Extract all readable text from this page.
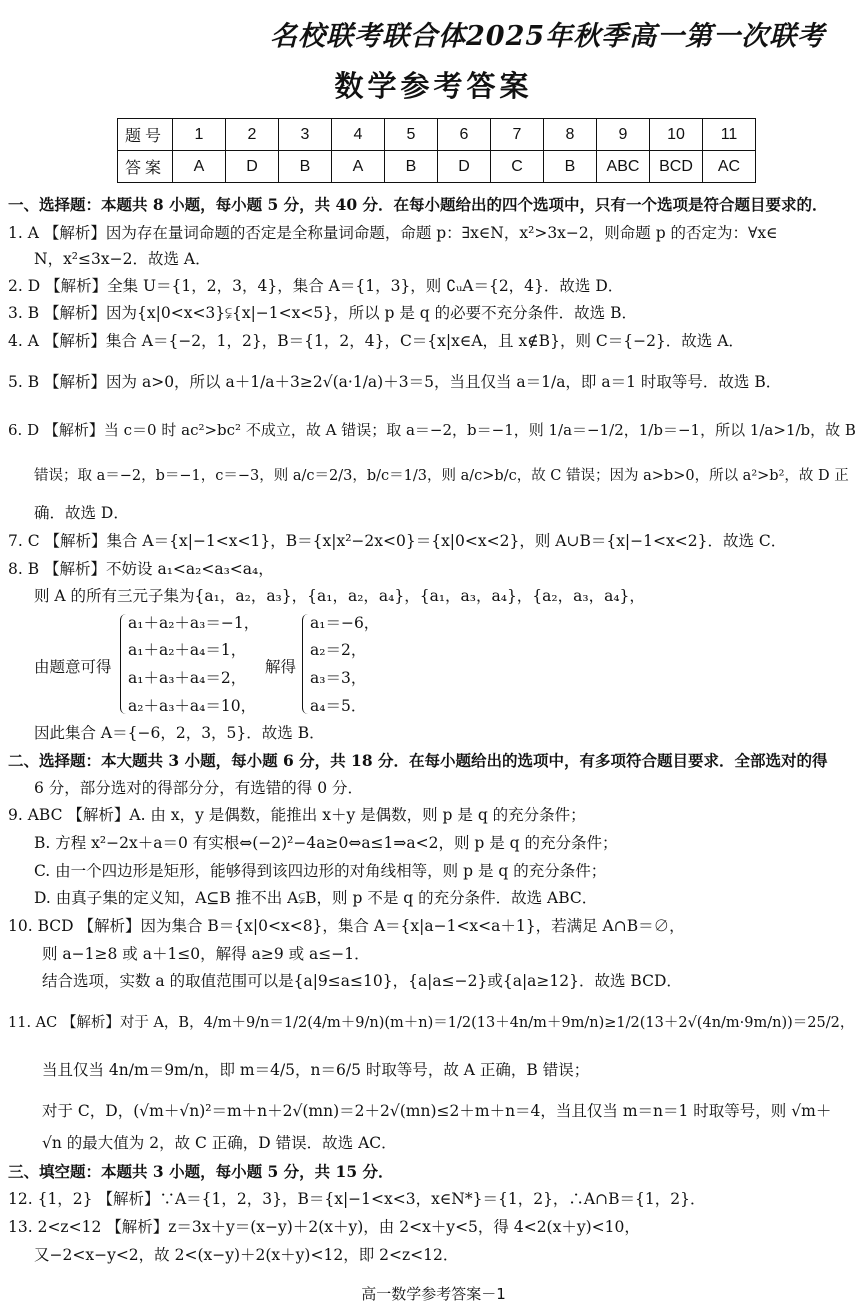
名校联考联合体2025年秋季高一第一次联考
数学参考答案
题号	1	2	3	4	5	6	7	8	9	10	11
答案	A	D	B	A	B	D	C	B	ABC	BCD	AC
一、选择题：本题共 8 小题，每小题 5 分，共 40 分．在每小题给出的四个选项中，只有一个选项是符合题目要求的．
1. A 【解析】因为存在量词命题的否定是全称量词命题，命题 p：∃x∈N，x²>3x−2，则命题 p 的否定为：∀x∈
N，x²≤3x−2．故选 A．
2. D 【解析】全集 U＝{1，2，3，4}，集合 A＝{1，3}，则 ∁ᵤA＝{2，4}．故选 D．
3. B 【解析】因为{x|0<x<3}⫋{x|−1<x<5}，所以 p 是 q 的必要不充分条件．故选 B．
4. A 【解析】集合 A＝{−2，1，2}，B＝{1，2，4}，C＝{x|x∈A，且 x∉B}，则 C＝{−2}．故选 A．
5. B 【解析】因为 a>0，所以 a＋1/a＋3≥2√(a·1/a)＋3＝5，当且仅当 a＝1/a，即 a＝1 时取等号．故选 B．
6. D 【解析】当 c＝0 时 ac²>bc² 不成立，故 A 错误；取 a＝−2，b＝−1，则 1/a＝−1/2，1/b＝−1，所以 1/a>1/b，故 B
错误；取 a＝−2，b＝−1，c＝−3，则 a/c＝2/3，b/c＝1/3，则 a/c>b/c，故 C 错误；因为 a>b>0，所以 a²>b²，故 D 正
确．故选 D．
7. C 【解析】集合 A＝{x|−1<x<1}，B＝{x|x²−2x<0}＝{x|0<x<2}，则 A∪B＝{x|−1<x<2}．故选 C．
8. B 【解析】不妨设 a₁<a₂<a₃<a₄，
则 A 的所有三元子集为{a₁，a₂，a₃}，{a₁，a₂，a₄}，{a₁，a₃，a₄}，{a₂，a₃，a₄}，
由题意可得
a₁＋a₂＋a₃＝−1，
a₁＋a₂＋a₄＝1，
a₁＋a₃＋a₄＝2，
a₂＋a₃＋a₄＝10，
解得
a₁＝−6，
a₂＝2，
a₃＝3，
a₄＝5．
因此集合 A＝{−6，2，3，5}．故选 B．
二、选择题：本大题共 3 小题，每小题 6 分，共 18 分．在每小题给出的选项中，有多项符合题目要求．全部选对的得
6 分，部分选对的得部分分，有选错的得 0 分．
9. ABC 【解析】A. 由 x，y 是偶数，能推出 x＋y 是偶数，则 p 是 q 的充分条件；
B. 方程 x²−2x＋a＝0 有实根⇔(−2)²−4a≥0⇔a≤1⇒a<2，则 p 是 q 的充分条件；
C. 由一个四边形是矩形，能够得到该四边形的对角线相等，则 p 是 q 的充分条件；
D. 由真子集的定义知，A⊆B 推不出 A⫋B，则 p 不是 q 的充分条件．故选 ABC．
10. BCD 【解析】因为集合 B＝{x|0<x<8}，集合 A＝{x|a−1<x<a＋1}，若满足 A∩B＝∅，
则 a−1≥8 或 a＋1≤0，解得 a≥9 或 a≤−1．
结合选项，实数 a 的取值范围可以是{a|9≤a≤10}，{a|a≤−2}或{a|a≥12}．故选 BCD．
11. AC 【解析】对于 A，B，4/m＋9/n＝1/2(4/m＋9/n)(m＋n)＝1/2(13＋4n/m＋9m/n)≥1/2(13＋2√(4n/m·9m/n))＝25/2，
当且仅当 4n/m＝9m/n，即 m＝4/5，n＝6/5 时取等号，故 A 正确，B 错误；
对于 C，D，(√m＋√n)²＝m＋n＋2√(mn)＝2＋2√(mn)≤2＋m＋n＝4，当且仅当 m＝n＝1 时取等号，则 √m＋
√n 的最大值为 2，故 C 正确，D 错误．故选 AC．
三、填空题：本题共 3 小题，每小题 5 分，共 15 分．
12. {1，2} 【解析】∵A＝{1，2，3}，B＝{x|−1<x<3，x∈N*}＝{1，2}，∴A∩B＝{1，2}．
13. 2<z<12 【解析】z＝3x＋y＝(x−y)＋2(x＋y)，由 2<x＋y<5，得 4<2(x＋y)<10，
又−2<x−y<2，故 2<(x−y)＋2(x＋y)<12，即 2<z<12．
高一数学参考答案－1
